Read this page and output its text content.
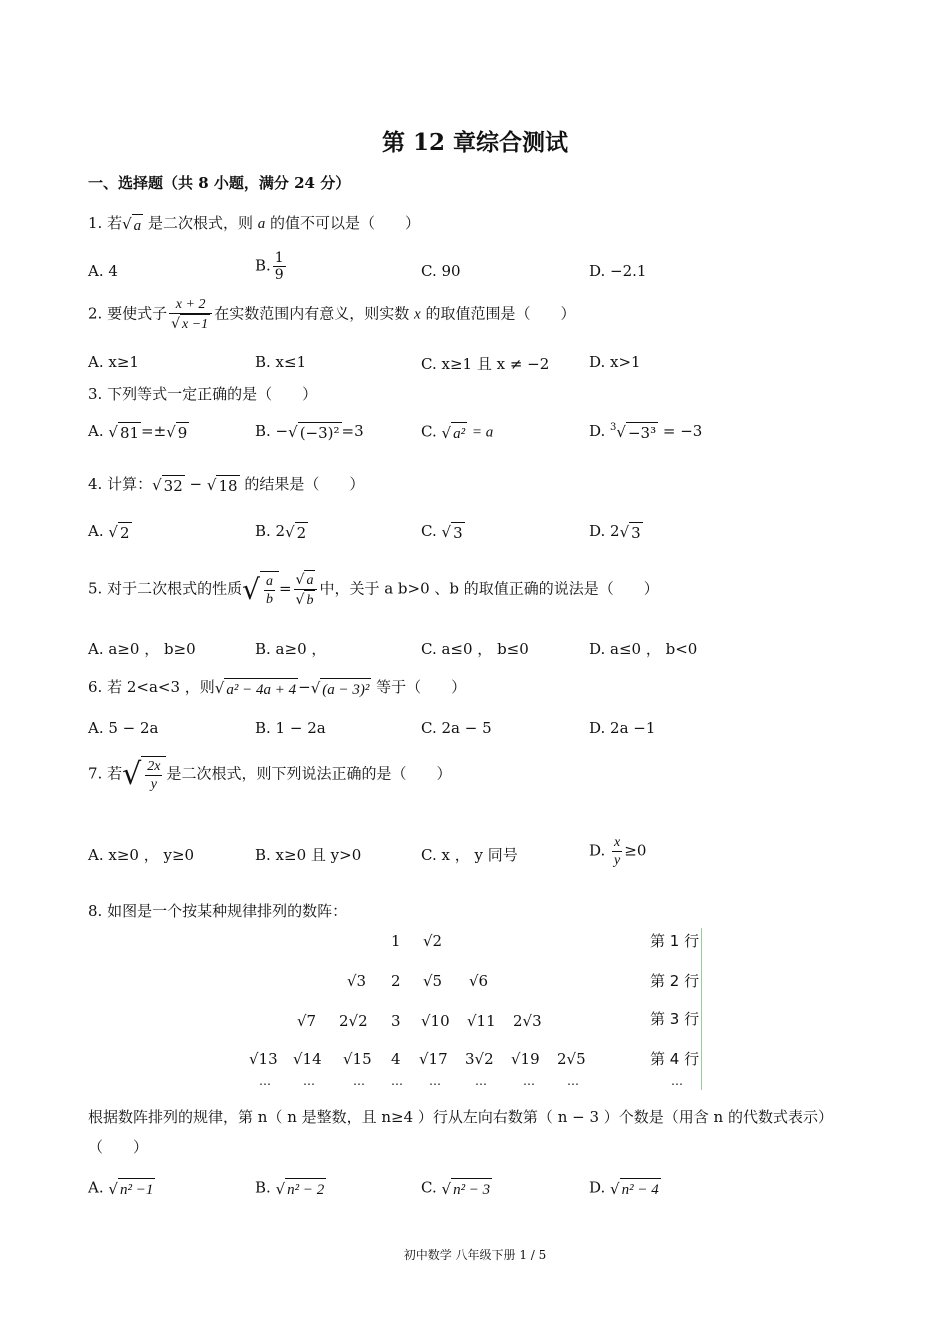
第 12 章综合测试
一、选择题（共 8 小题，满分 24 分）
1. 若√ a 是二次根式，则 a 的值不可以是（　　）
A. 4	B. $\frac{1}{9}$	C. 90	D. −2.1
2. 要使式子 $\frac{x + 2}{√ x -1}$ 在实数范围内有意义，则实数 x 的取值范围是（　　）
A. x≥1	B. x≤1	C. x≥1 且 x ≠ −2	D. x>1
3. 下列等式一定正确的是（　　）
A. √ 81 =±√ 9	B. −√ (−3)² =3	C. √ a² = a	D. $^3$√ −3³ = −3
4. 计算：√ 32 − √ 18 的结果是（　　）
A. √ 2	B. 2√ 2	C. √ 3	D. 2√ 3
5. 对于二次根式的性质√ $\frac{a}{b} = \frac{√ a}{√ b}$ 中，关于 a b>0 、b 的取值正确的说法是（　　）
A. a≥0 ， b≥0	B. a≥0 ，	C. a≤0 ， b≤0	D. a≤0 ， b<0
6. 若 2<a<3 ，则√ a² − 4a + 4 −√ (a − 3)² 等于（　　）
A. 5 − 2a	B. 1 − 2a	C. 2a − 5	D. 2a −1
7. 若√ $\frac{2x}{y}$ 是二次根式，则下列说法正确的是（　　）
A. x≥0 ， y≥0	B. x≥0 且 y>0	C. x ， y 同号	D. $\frac{x}{y} \ge 0$
8. 如图是一个按某种规律排列的数阵：
1 √2	第 1 行
√3 2 √5 √6	第 2 行
√7 2√2 3 √10 √11 2√3	第 3 行
√13 √14 √15 4 √17 3√2 √19 2√5	第 4 行
…	…	… … …	…	…	…	…
根据数阵排列的规律，第 n（ n 是整数，且 n≥4 ）行从左向右数第（ n − 3 ）个数是（用含 n 的代数式表示）
（　　）
A. √ n² −1	B. √ n² − 2	C. √ n² − 3	D. √ n² − 4
初中数学 八年级下册 1 / 5
